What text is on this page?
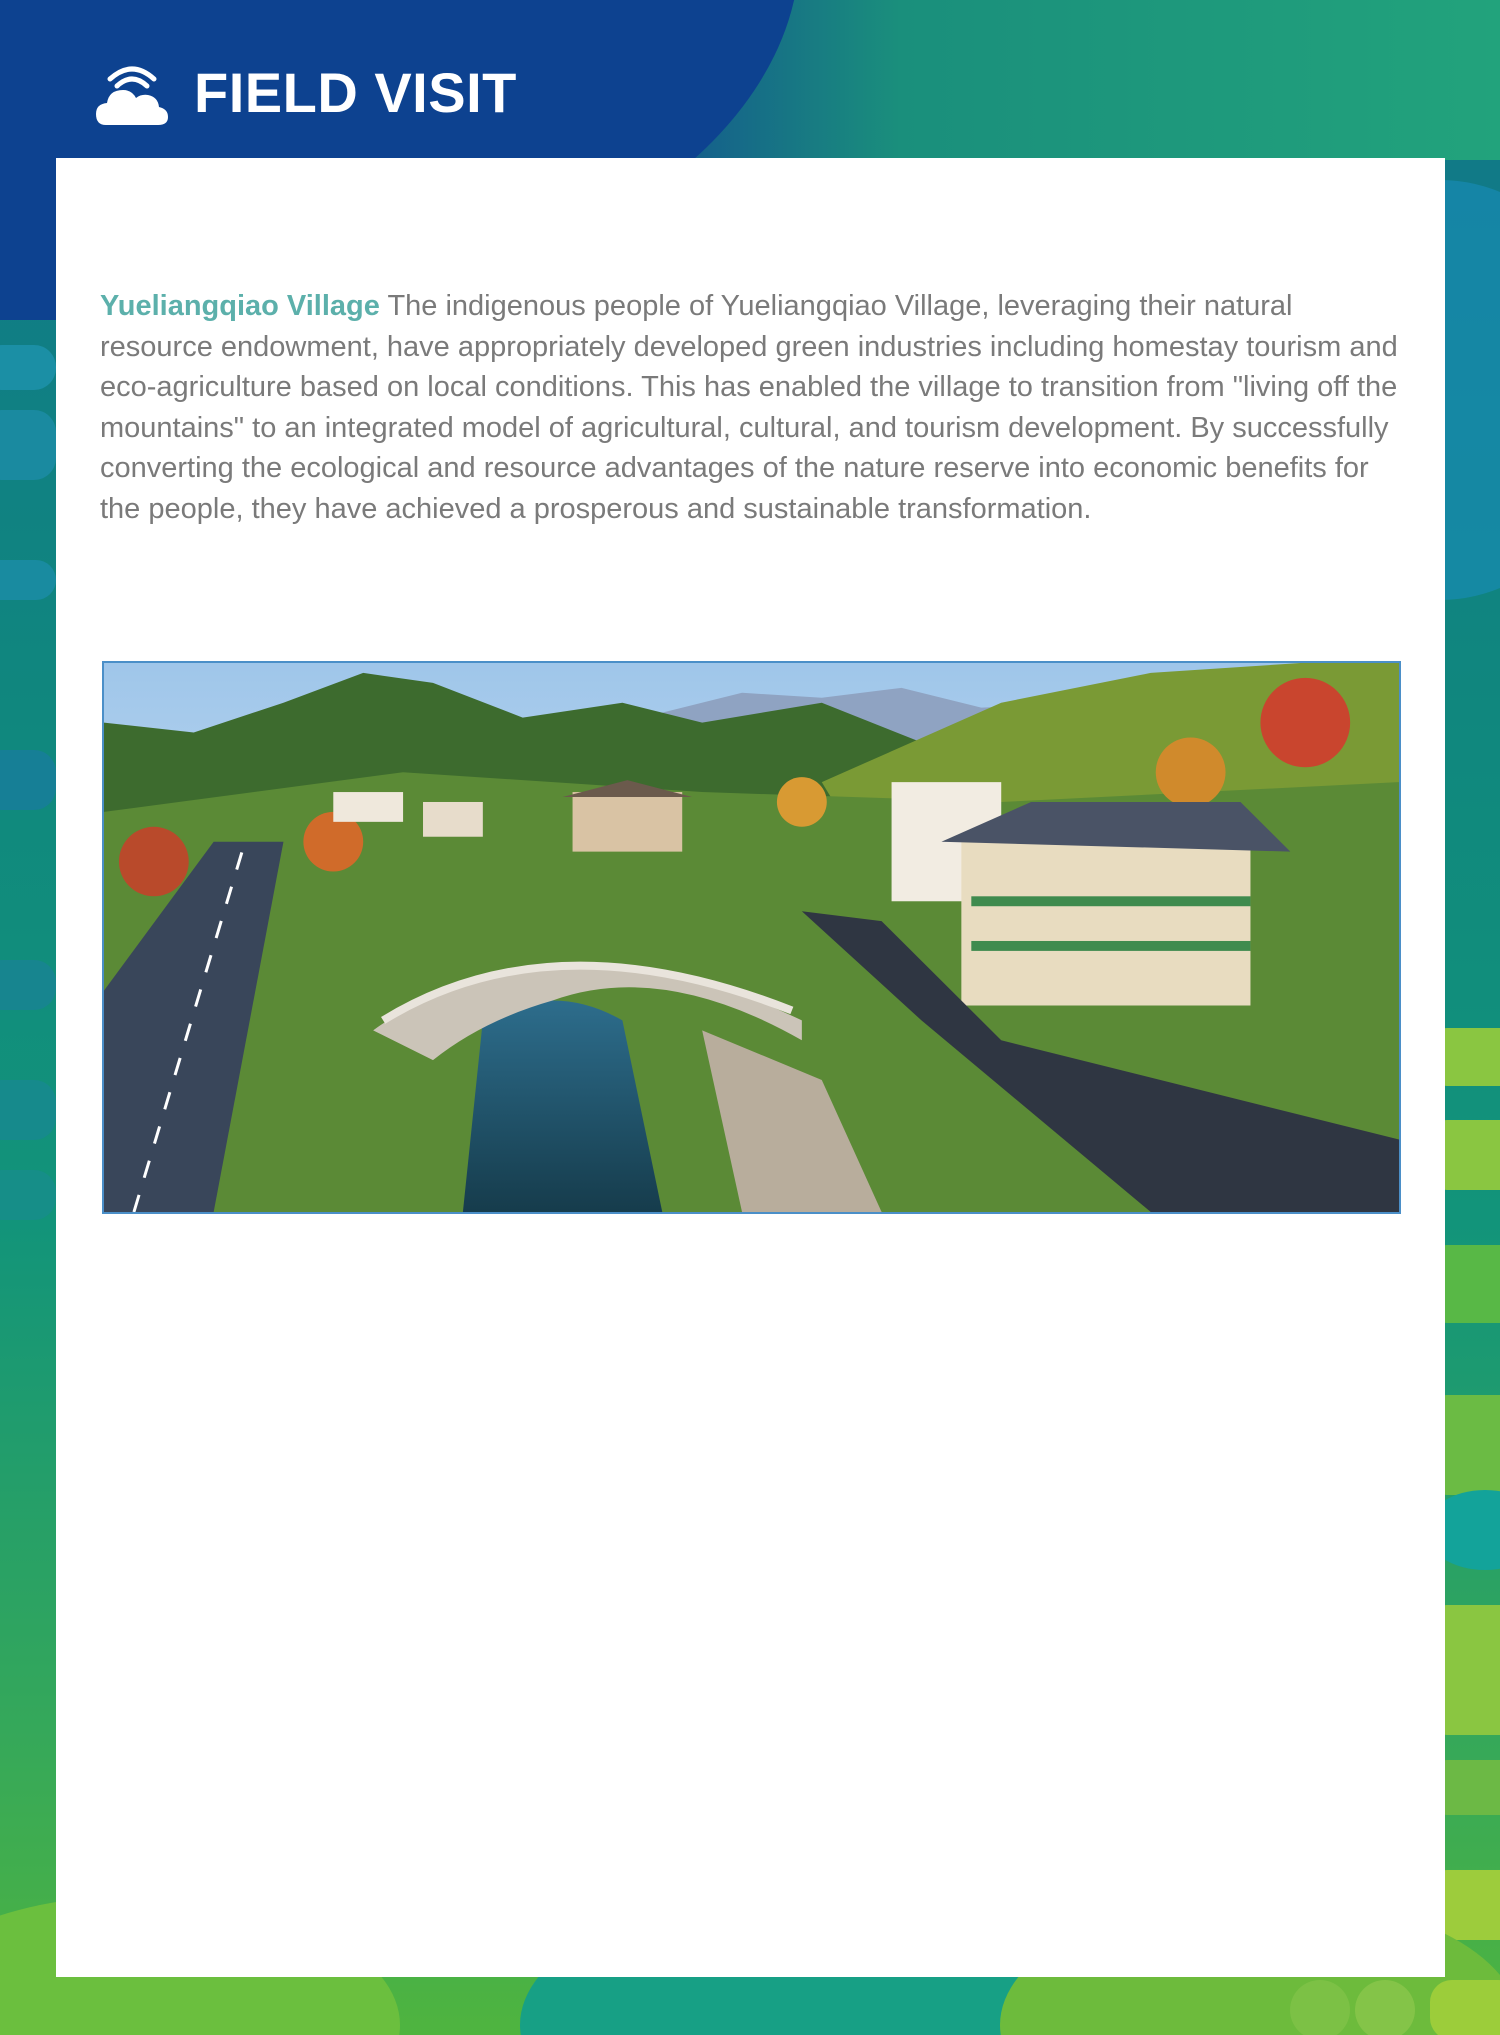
FIELD VISIT

Yueliangqiao Village The indigenous people of Yueliangqiao Village, leveraging their natural resource endowment, have appropriately developed green industries including homestay tourism and eco-agriculture based on local conditions. This has enabled the village to transition from "living off the mountains" to an integrated model of agricultural, cultural, and tourism development. By successfully converting the ecological and resource advantages of the nature reserve into economic benefits for the people, they have achieved a prosperous and sustainable transformation.
